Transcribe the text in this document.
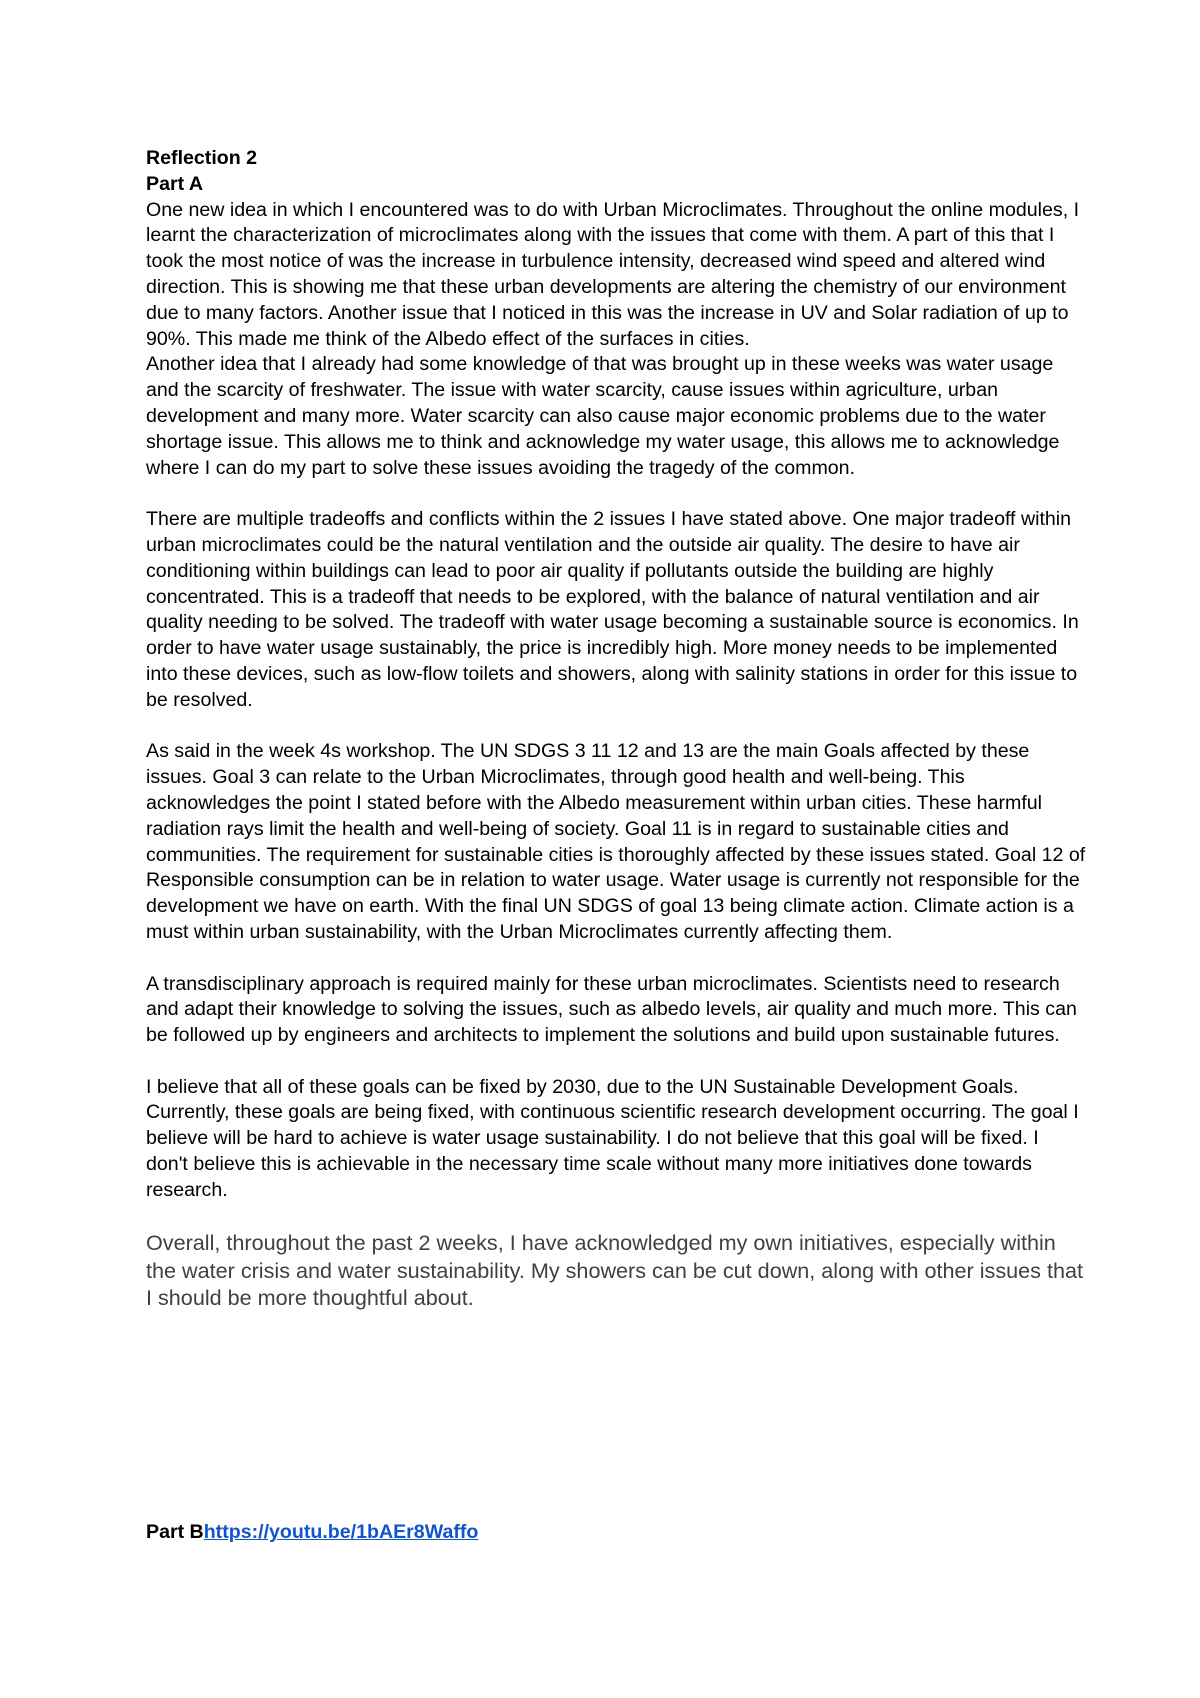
Reflection 2

Part A

One new idea in which I encountered was to do with Urban Microclimates. Throughout the online modules, I learnt the characterization of microclimates along with the issues that come with them. A part of this that I took the most notice of was the increase in turbulence intensity, decreased wind speed and altered wind direction. This is showing me that these urban developments are altering the chemistry of our environment due to many factors. Another issue that I noticed in this was the increase in UV and Solar radiation of up to 90%. This made me think of the Albedo effect of the surfaces in cities.

Another idea that I already had some knowledge of that was brought up in these weeks was water usage and the scarcity of freshwater. The issue with water scarcity, cause issues within agriculture, urban development and many more. Water scarcity can also cause major economic problems due to the water shortage issue. This allows me to think and acknowledge my water usage, this allows me to acknowledge where I can do my part to solve these issues avoiding the tragedy of the common.

There are multiple tradeoffs and conflicts within the 2 issues I have stated above. One major tradeoff within urban microclimates could be the natural ventilation and the outside air quality. The desire to have air conditioning within buildings can lead to poor air quality if pollutants outside the building are highly concentrated. This is a tradeoff that needs to be explored, with the balance of natural ventilation and air quality needing to be solved. The tradeoff with water usage becoming a sustainable source is economics. In order to have water usage sustainably, the price is incredibly high. More money needs to be implemented into these devices, such as low-flow toilets and showers, along with salinity stations in order for this issue to be resolved.

As said in the week 4s workshop. The UN SDGS 3 11 12 and 13 are the main Goals affected by these issues. Goal 3 can relate to the Urban Microclimates, through good health and well-being. This acknowledges the point I stated before with the Albedo measurement within urban cities. These harmful radiation rays limit the health and well-being of society. Goal 11 is in regard to sustainable cities and communities. The requirement for sustainable cities is thoroughly affected by these issues stated. Goal 12 of Responsible consumption can be in relation to water usage. Water usage is currently not responsible for the development we have on earth. With the final UN SDGS of goal 13 being climate action. Climate action is a must within urban sustainability, with the Urban Microclimates currently affecting them.

A transdisciplinary approach is required mainly for these urban microclimates. Scientists need to research and adapt their knowledge to solving the issues, such as albedo levels, air quality and much more. This can be followed up by engineers and architects to implement the solutions and build upon sustainable futures.

I believe that all of these goals can be fixed by 2030, due to the UN Sustainable Development Goals. Currently, these goals are being fixed, with continuous scientific research development occurring. The goal I believe will be hard to achieve is water usage sustainability. I do not believe that this goal will be fixed. I don't believe this is achievable in the necessary time scale without many more initiatives done towards research.

Overall, throughout the past 2 weeks, I have acknowledged my own initiatives, especially within the water crisis and water sustainability. My showers can be cut down, along with other issues that I should be more thoughtful about.

Part Bhttps://youtu.be/1bAEr8Waffo
